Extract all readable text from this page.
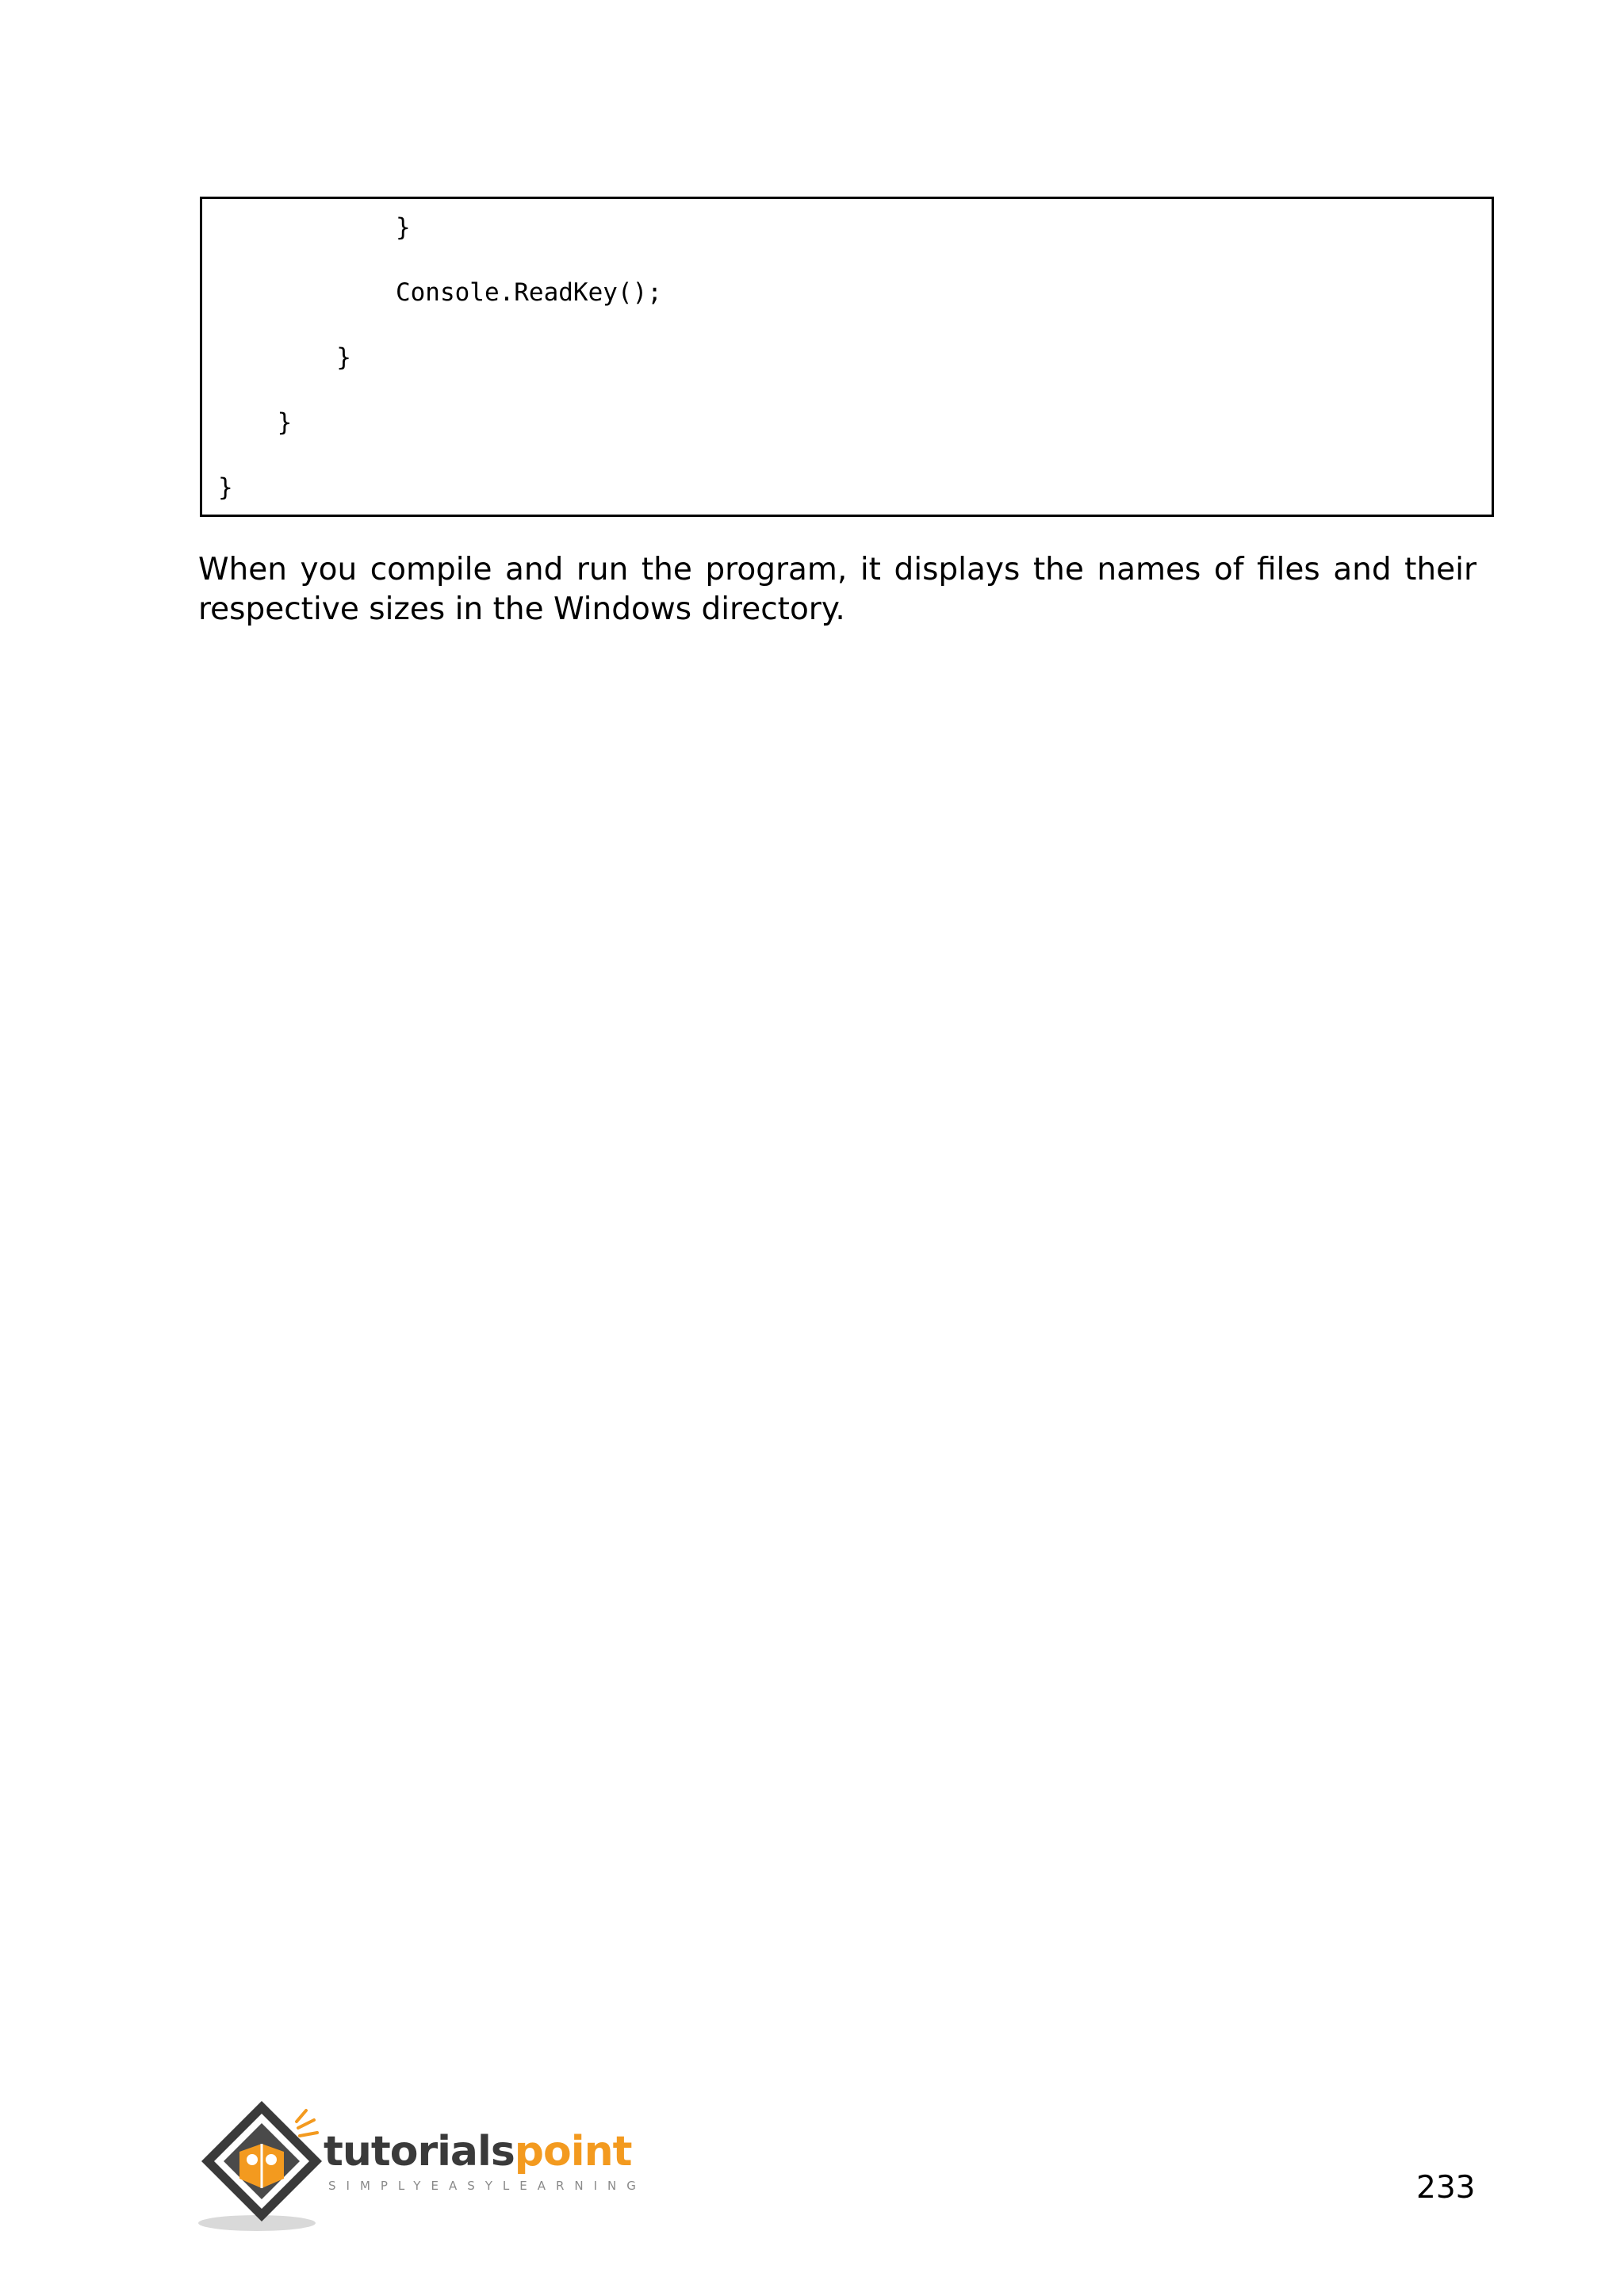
}
Console.ReadKey();
}
}
}
When you compile and run the program, it displays the names of files and their respective sizes in the Windows directory.
tutorialspoint
SIMPLYEASYLEARNING	233
